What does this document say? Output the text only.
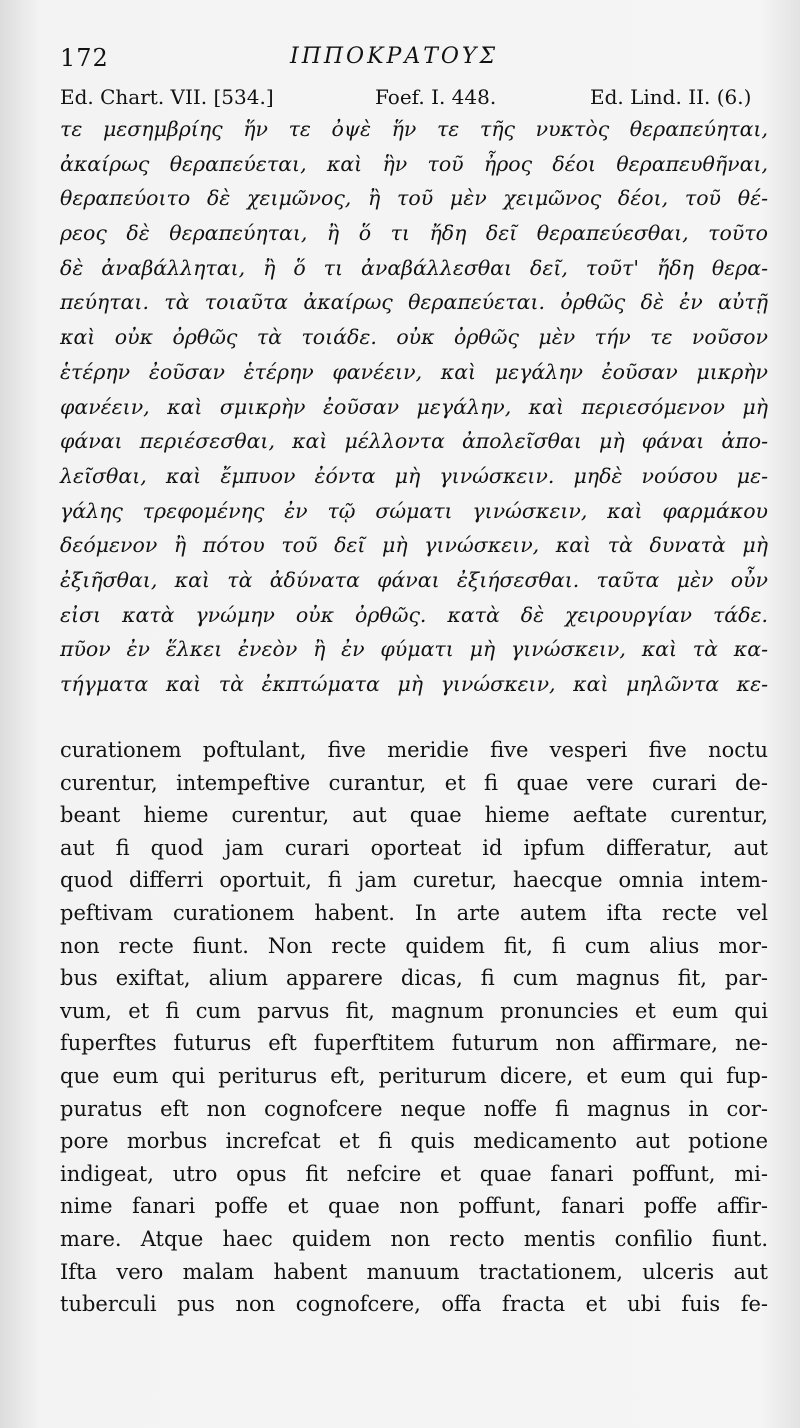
172	ΙΠΠΟΚΡΑΤΟΥΣ
Ed. Chart. VII. [534.]	Foef. I. 448.	Ed. Lind. II. (6.)
τε μεσημβρίης ἥν τε ὀψὲ ἥν τε τῆς νυκτὸς θεραπεύηται,
ἀκαίρως θεραπεύεται, καὶ ἣν τοῦ ἦρος δέοι θεραπευθῆναι,
θεραπεύοιτο δὲ χειμῶνος, ἢ τοῦ μὲν χειμῶνος δέοι, τοῦ θέ-
ρεος δὲ θεραπεύηται, ἢ ὅ τι ἤδη δεῖ θεραπεύεσθαι, τοῦτο
δὲ ἀναβάλληται, ἢ ὅ τι ἀναβάλλεσθαι δεῖ, τοῦτ' ἤδη θερα-
πεύηται. τὰ τοιαῦτα ἀκαίρως θεραπεύεται. ὀρθῶς δὲ ἐν αὐτῇ
καὶ οὐκ ὀρθῶς τὰ τοιάδε. οὐκ ὀρθῶς μὲν τήν τε νοῦσον
ἑτέρην ἐοῦσαν ἑτέρην φανέειν, καὶ μεγάλην ἐοῦσαν μικρὴν
φανέειν, καὶ σμικρὴν ἐοῦσαν μεγάλην, καὶ περιεσόμενον μὴ
φάναι περιέσεσθαι, καὶ μέλλοντα ἀπολεῖσθαι μὴ φάναι ἀπο-
λεῖσθαι, καὶ ἔμπυον ἐόντα μὴ γινώσκειν. μηδὲ νούσου με-
γάλης τρεφομένης ἐν τῷ σώματι γινώσκειν, καὶ φαρμάκου
δεόμενον ἢ πότου τοῦ δεῖ μὴ γινώσκειν, καὶ τὰ δυνατὰ μὴ
ἐξιῆσθαι, καὶ τὰ ἀδύνατα φάναι ἐξιήσεσθαι. ταῦτα μὲν οὖν
εἰσι κατὰ γνώμην οὐκ ὀρθῶς. κατὰ δὲ χειρουργίαν τάδε.
πῦον ἐν ἕλκει ἐνεὸν ἢ ἐν φύματι μὴ γινώσκειν, καὶ τὰ κα-
τήγματα καὶ τὰ ἐκπτώματα μὴ γινώσκειν, καὶ μηλῶντα κε-
curationem poftulant, five meridie five vesperi five noctu
curentur, intempeftive curantur, et fi quae vere curari de-
beant hieme curentur, aut quae hieme aeftate curentur,
aut fi quod jam curari oporteat id ipfum differatur, aut
quod differri oportuit, fi jam curetur, haecque omnia intem-
peftivam curationem habent. In arte autem ifta recte vel
non recte fiunt. Non recte quidem fit, fi cum alius mor-
bus exiftat, alium apparere dicas, fi cum magnus fit, par-
vum, et fi cum parvus fit, magnum pronuncies et eum qui
fuperftes futurus eft fuperftitem futurum non affirmare, ne-
que eum qui periturus eft, periturum dicere, et eum qui fup-
puratus eft non cognofcere neque noffe fi magnus in cor-
pore morbus increfcat et fi quis medicamento aut potione
indigeat, utro opus fit nefcire et quae fanari poffunt, mi-
nime fanari poffe et quae non poffunt, fanari poffe affir-
mare. Atque haec quidem non recto mentis confilio fiunt.
Ifta vero malam habent manuum tractationem, ulceris aut
tuberculi pus non cognofcere, offa fracta et ubi fuis fe-
